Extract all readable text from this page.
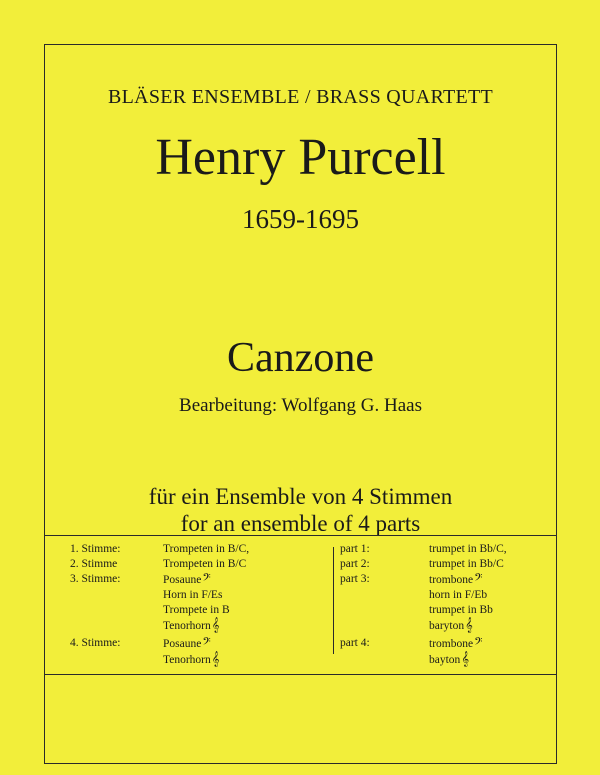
BLÄSER ENSEMBLE / BRASS QUARTETT
Henry Purcell
1659-1695
Canzone
Bearbeitung: Wolfgang G. Haas
für ein Ensemble von 4 Stimmen
for an ensemble of 4 parts
1. Stimme:
2. Stimme
3. Stimme:
4. Stimme:
Trompeten in B/C,
Trompeten in B/C
Posaune𝄢
Horn in F/Es
Trompete in B
Tenorhorn𝄞
Posaune𝄢
Tenorhorn𝄞
part 1:
part 2:
part 3:
part 4:
trumpet in Bb/C,
trumpet in Bb/C
trombone𝄢
horn in F/Eb
trumpet in Bb
baryton𝄞
trombone𝄢
bayton𝄞
